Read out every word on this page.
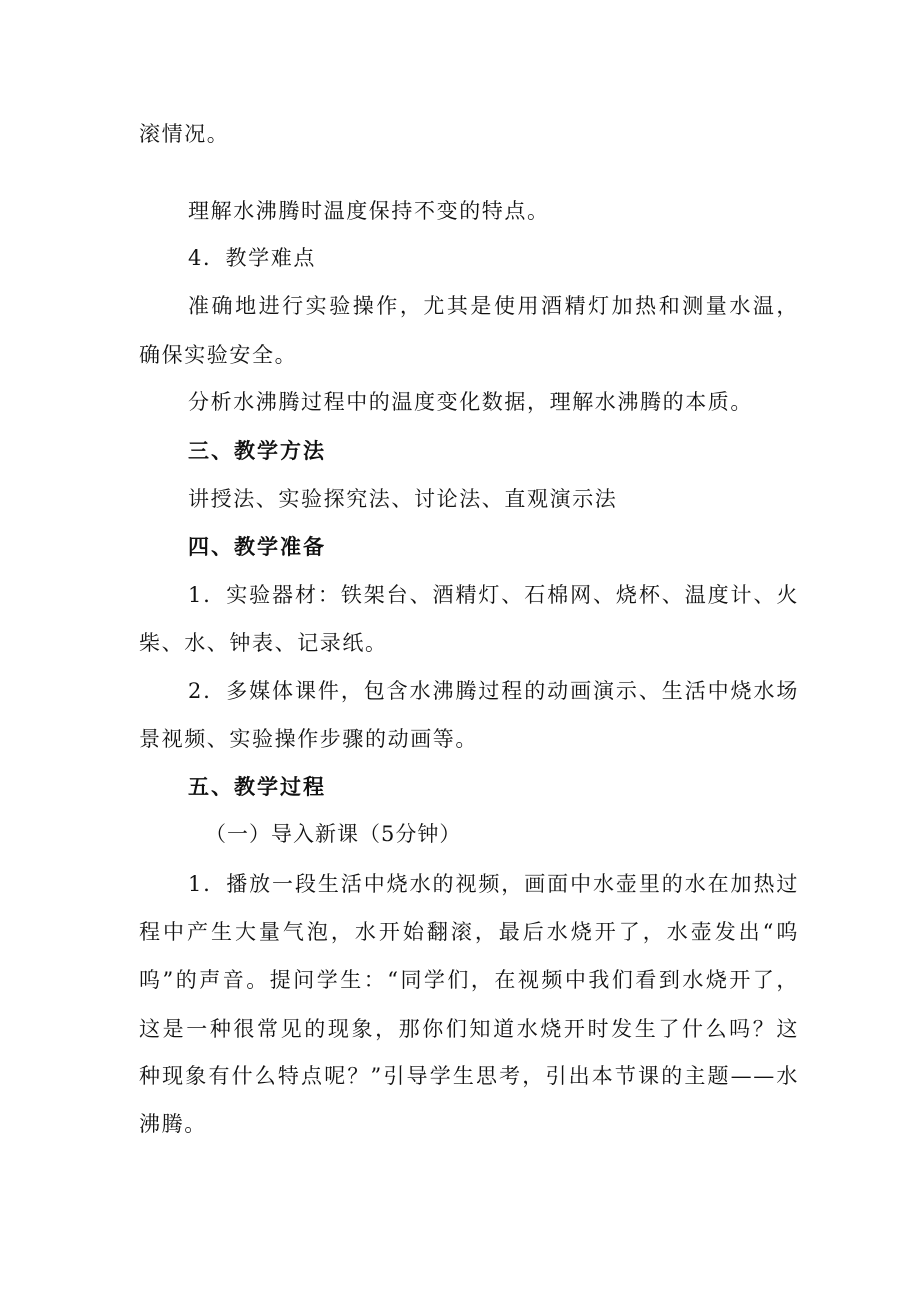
滚情况。
理解水沸腾时温度保持不变的特点。
4．教学难点
准确地进行实验操作，尤其是使用酒精灯加热和测量水温，
确保实验安全。
分析水沸腾过程中的温度变化数据，理解水沸腾的本质。
三、教学方法
讲授法、实验探究法、讨论法、直观演示法
四、教学准备
1．实验器材：铁架台、酒精灯、石棉网、烧杯、温度计、火
柴、水、钟表、记录纸。
2．多媒体课件，包含水沸腾过程的动画演示、生活中烧水场
景视频、实验操作步骤的动画等。
五、教学过程
（一）导入新课（5分钟）
1．播放一段生活中烧水的视频，画面中水壶里的水在加热过
程中产生大量气泡，水开始翻滚，最后水烧开了，水壶发出“呜
呜”的声音。提问学生：“同学们，在视频中我们看到水烧开了，
这是一种很常见的现象，那你们知道水烧开时发生了什么吗？这
种现象有什么特点呢？”引导学生思考，引出本节课的主题——水
沸腾。
